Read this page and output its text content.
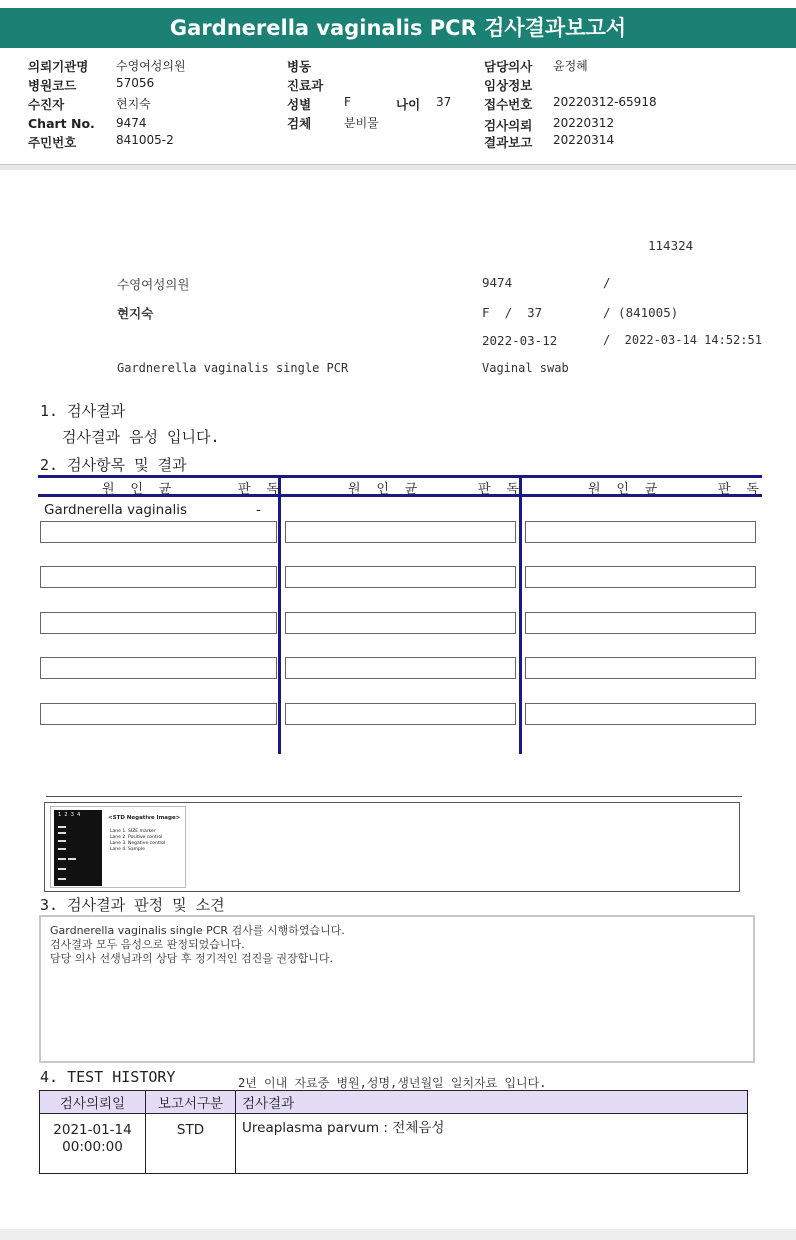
Gardnerella vaginalis PCR 검사결과보고서
의뢰기관명 수영여성의원
병원코드	57056
수진자	현지숙
Chart No. 9474
주민번호	841005-2
병동
진료과
성별	F	나이 37
검체	분비물
담당의사 윤정혜
임상정보
접수번호 20220312-65918
검사의뢰 20220312
결과보고 20220314
114324
수영여성의원	9474	/
현지숙	F  /  37	/ (841005)
2022-03-12	/  2022-03-14 14:52:51
Gardnerella vaginalis single PCR	Vaginal swab
1. 검사결과
검사결과 음성 입니다.
2. 검사항목 및 결과
원 인 균	판 독	원 인 균	판 독	원 인 균	판 독
Gardnerella vaginalis	-
1  2  3  4	<STD Negative Image>
Lane 1. SIZE marker
Lane 2. Positive control
Lane 3. Negative control
Lane 4. Sample
3. 검사결과 판정 및 소견
Gardnerella vaginalis single PCR 검사를 시행하였습니다.
검사결과 모두 음성으로 판정되었습니다.
담당 의사 선생님과의 상담 후 정기적인 검진을 권장합니다.
4. TEST HISTORY	2년 이내 자료중 병원,성명,생년월일 일치자료 입니다.
검사의뢰일	보고서구분	검사결과

2021-01-14
00:00:00	STD	Ureaplasma parvum : 전체음성
